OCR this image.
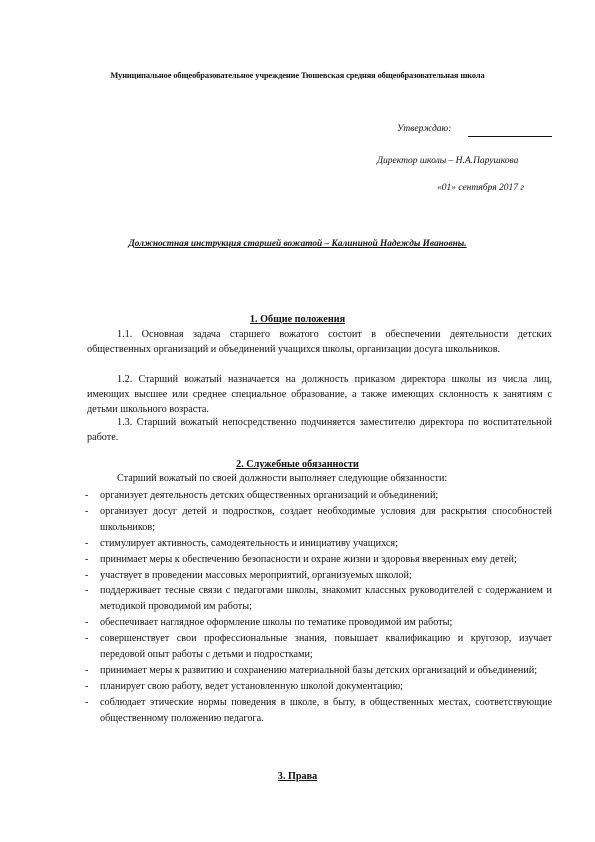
Муниципальное общеобразовательное учреждение Тюшевская средняя общеобразовательная школа
Утверждаю:
Директор школы – Н.А.Парушкова
«01» сентября 2017 г
Должностная инструкция старшей вожатой – Калининой Надежды Ивановны.
1. Общие положения
1.1. Основная задача старшего вожатого состоит в обеспечении деятельности детских общественных организаций и объединений учащихся школы, организации досуга школьников.
1.2. Старший вожатый назначается на должность приказом директора школы из числа лиц, имеющих высшее или среднее специальное образование, а также имеющих склонность к занятиям с детьми школьного возраста.
1.3. Старший вожатый непосредственно подчиняется заместителю директора по воспитательной работе.
2. Служебные обязанности
Старший вожатый по своей должности выполняет следующие обязанности:
- организует деятельность детских общественных организаций и объединений;
- организует досуг детей и подростков, создает необходимые условия для раскрытия способностей школьников;
- стимулирует активность, самодеятельность и инициативу учащихся;
- принимает меры к обеспечению безопасности и охране жизни и здоровья вверенных ему детей;
- участвует в проведении массовых мероприятий, организуемых школой;
- поддерживает тесные связи с педагогами школы, знакомит классных руководителей с содержанием и методикой проводимой им работы;
- обеспечивает наглядное оформление школы по тематике проводимой им работы;
- совершенствует свои профессиональные знания, повышает квалификацию и кругозор, изучает передовой опыт работы с детьми и подростками;
- принимает меры к развитию и сохранению материальной базы детских организаций и объединений;
- планирует свою работу, ведет установленную школой документацию;
- соблюдает этические нормы поведения в школе, в быту, в общественных местах, соответствующие общественному положению педагога.
3. Права
